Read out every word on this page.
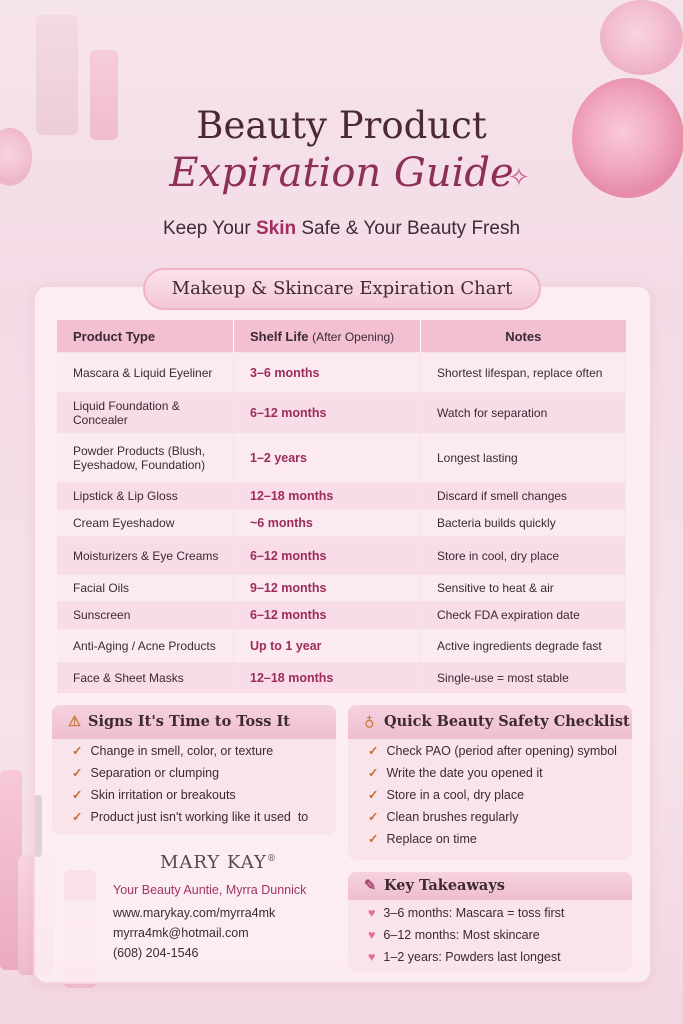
Beauty Product
Expiration Guide
✧
Keep Your Skin Safe & Your Beauty Fresh
Makeup & Skincare Expiration Chart
Product Type	Shelf Life (After Opening)	Notes
Mascara & Liquid Eyeliner	3–6 months	Shortest lifespan, replace often
Liquid Foundation & Concealer	6–12 months	Watch for separation
Powder Products (Blush, Eyeshadow, Foundation)	1–2 years	Longest lasting
Lipstick & Lip Gloss	12–18 months	Discard if smell changes
Cream Eyeshadow	~6 months	Bacteria builds quickly
Moisturizers & Eye Creams	6–12 months	Store in cool, dry place
Facial Oils	9–12 months	Sensitive to heat & air
Sunscreen	6–12 months	Check FDA expiration date
Anti-Aging / Acne Products	Up to 1 year	Active ingredients degrade fast
Face & Sheet Masks	12–18 months	Single-use = most stable
⚠ Signs It's Time to Toss It
✓ Change in smell, color, or texture
✓ Separation or clumping
✓ Skin irritation or breakouts
✓ Product just isn't working like it used  to
♁ Quick Beauty Safety Checklist
✓ Check PAO (period after opening) symbol
✓ Write the date you opened it
✓ Store in a cool, dry place
✓ Clean brushes regularly
✓ Replace on time
✎ Key Takeaways
♥ 3–6 months: Mascara = toss first
♥ 6–12 months: Most skincare
♥ 1–2 years: Powders last longest
MARY KAY®
Your Beauty Auntie, Myrra Dunnick
www.marykay.com/myrra4mk
myrra4mk@hotmail.com
(608) 204-1546
